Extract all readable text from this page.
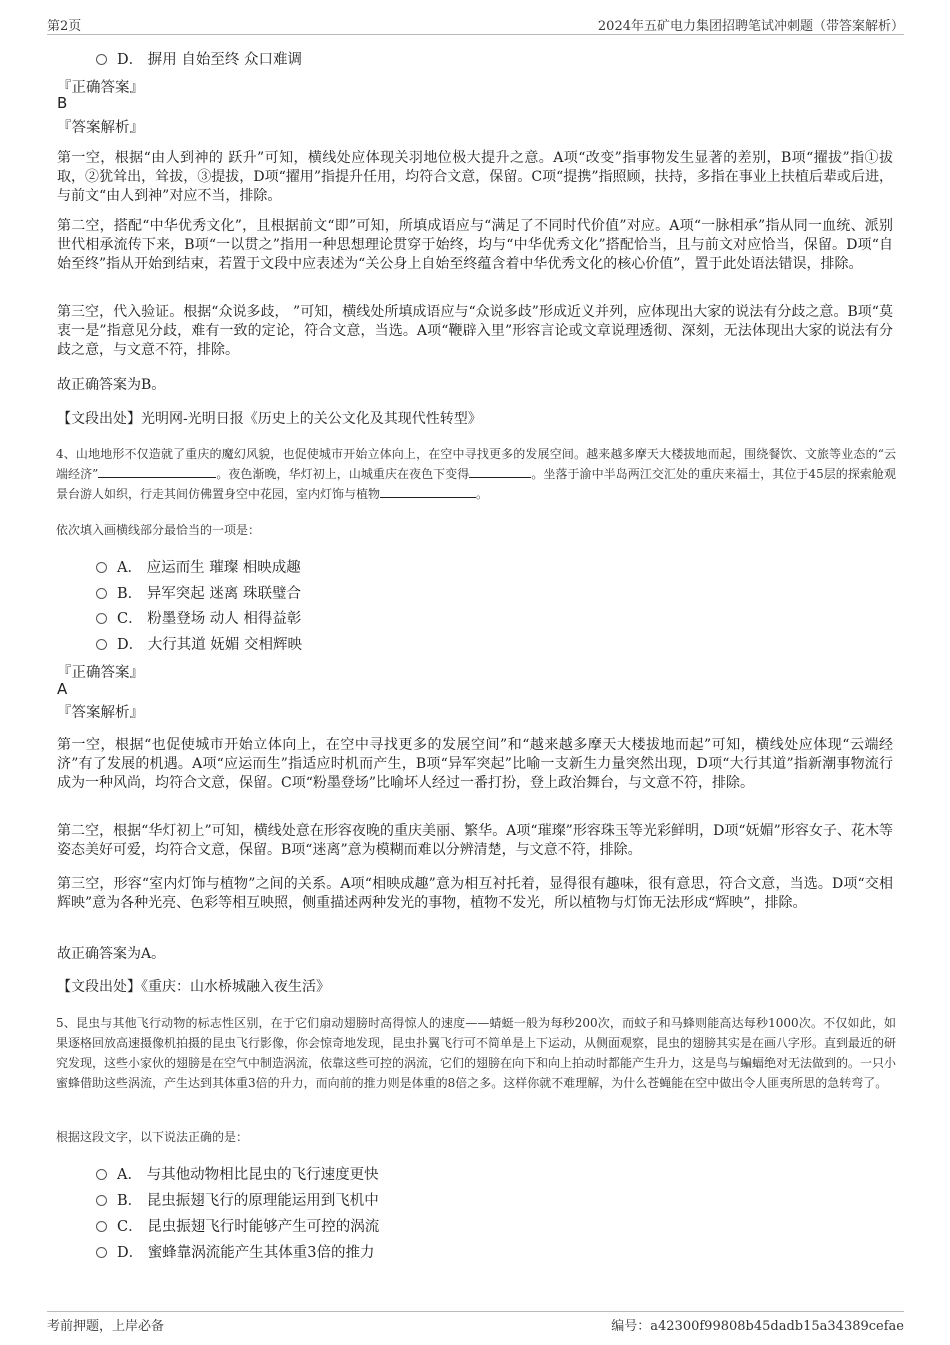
第2页	2024年五矿电力集团招聘笔试冲刺题（带答案解析）
D． 摒用 自始至终 众口难调
『正确答案』
B
『答案解析』
第一空，根据“由人到神的 跃升”可知，横线处应体现关羽地位极大提升之意。A项“改变”指事物发生显著的差别，B项“擢拔”指①拔取，②犹耸出，耸拔，③提拔，D项“擢用”指提升任用，均符合文意，保留。C项“提携”指照顾，扶持，多指在事业上扶植后辈或后进，与前文“由人到神”对应不当，排除。
第二空，搭配“中华优秀文化”，且根据前文“即”可知，所填成语应与“满足了不同时代价值”对应。A项“一脉相承”指从同一血统、派别世代相承流传下来，B项“一以贯之”指用一种思想理论贯穿于始终，均与“中华优秀文化”搭配恰当，且与前文对应恰当，保留。D项“自始至终”指从开始到结束，若置于文段中应表述为“关公身上自始至终蕴含着中华优秀文化的核心价值”，置于此处语法错误，排除。
第三空，代入验证。根据“众说多歧， ”可知，横线处所填成语应与“众说多歧”形成近义并列，应体现出大家的说法有分歧之意。B项“莫衷一是”指意见分歧，难有一致的定论，符合文意，当选。A项“鞭辟入里”形容言论或文章说理透彻、深刻，无法体现出大家的说法有分歧之意，与文意不符，排除。
故正确答案为B。
【文段出处】光明网-光明日报《历史上的关公文化及其现代性转型》
4、山地地形不仅造就了重庆的魔幻风貌，也促使城市开始立体向上，在空中寻找更多的发展空间。越来越多摩天大楼拔地而起，围绕餐饮、文旅等业态的“云端经济”	。夜色渐晚，华灯初上，山城重庆在夜色下变得	。坐落于渝中半岛两江交汇处的重庆来福士，其位于45层的探索舱观景台游人如织，行走其间仿佛置身空中花园，室内灯饰与植物	。
依次填入画横线部分最恰当的一项是：
A． 应运而生 璀璨 相映成趣
B． 异军突起 迷离 珠联璧合
C． 粉墨登场 动人 相得益彰
D． 大行其道 妩媚 交相辉映
『正确答案』
A
『答案解析』
第一空，根据“也促使城市开始立体向上，在空中寻找更多的发展空间”和“越来越多摩天大楼拔地而起”可知，横线处应体现“云端经济”有了发展的机遇。A项“应运而生”指适应时机而产生，B项“异军突起”比喻一支新生力量突然出现，D项“大行其道”指新潮事物流行成为一种风尚，均符合文意，保留。C项“粉墨登场”比喻坏人经过一番打扮，登上政治舞台，与文意不符，排除。
第二空，根据“华灯初上”可知，横线处意在形容夜晚的重庆美丽、繁华。A项“璀璨”形容珠玉等光彩鲜明，D项“妩媚”形容女子、花木等姿态美好可爱，均符合文意，保留。B项“迷离”意为模糊而难以分辨清楚，与文意不符，排除。
第三空，形容“室内灯饰与植物”之间的关系。A项“相映成趣”意为相互衬托着，显得很有趣味，很有意思，符合文意，当选。D项“交相辉映”意为各种光亮、色彩等相互映照，侧重描述两种发光的事物，植物不发光，所以植物与灯饰无法形成“辉映”，排除。
故正确答案为A。
【文段出处】《重庆：山水桥城融入夜生活》
5、昆虫与其他飞行动物的标志性区别，在于它们扇动翅膀时高得惊人的速度——蜻蜓一般为每秒200次，而蚊子和马蜂则能高达每秒1000次。不仅如此，如果逐格回放高速摄像机拍摄的昆虫飞行影像，你会惊奇地发现，昆虫扑翼飞行可不简单是上下运动，从侧面观察，昆虫的翅膀其实是在画八字形。直到最近的研究发现，这些小家伙的翅膀是在空气中制造涡流，依靠这些可控的涡流，它们的翅膀在向下和向上拍动时都能产生升力，这是鸟与蝙蝠绝对无法做到的。一只小蜜蜂借助这些涡流，产生达到其体重3倍的升力，而向前的推力则是体重的8倍之多。这样你就不难理解，为什么苍蝇能在空中做出令人匪夷所思的急转弯了。
根据这段文字，以下说法正确的是：
A． 与其他动物相比昆虫的飞行速度更快
B． 昆虫振翅飞行的原理能运用到飞机中
C． 昆虫振翅飞行时能够产生可控的涡流
D． 蜜蜂靠涡流能产生其体重3倍的推力
考前押题，上岸必备	编号：a42300f99808b45dadb15a34389cefae
